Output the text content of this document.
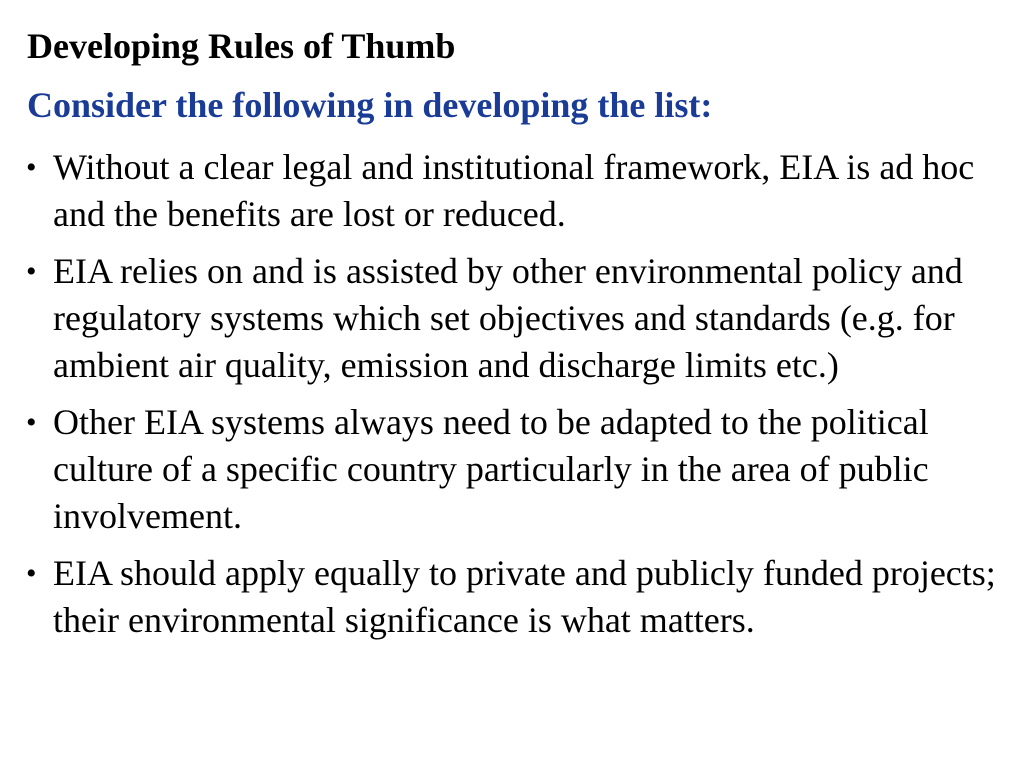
Developing Rules of Thumb
Consider the following in developing the list:
• Without a clear legal and institutional framework, EIA is ad hoc and the benefits are lost or reduced.
• EIA relies on and is assisted by other environmental policy and regulatory systems which set objectives and standards (e.g. for ambient air quality, emission and discharge limits etc.)
• Other EIA systems always need to be adapted to the political culture of a specific country particularly in the area of public involvement.
• EIA should apply equally to private and publicly funded projects; their environmental significance is what matters.
